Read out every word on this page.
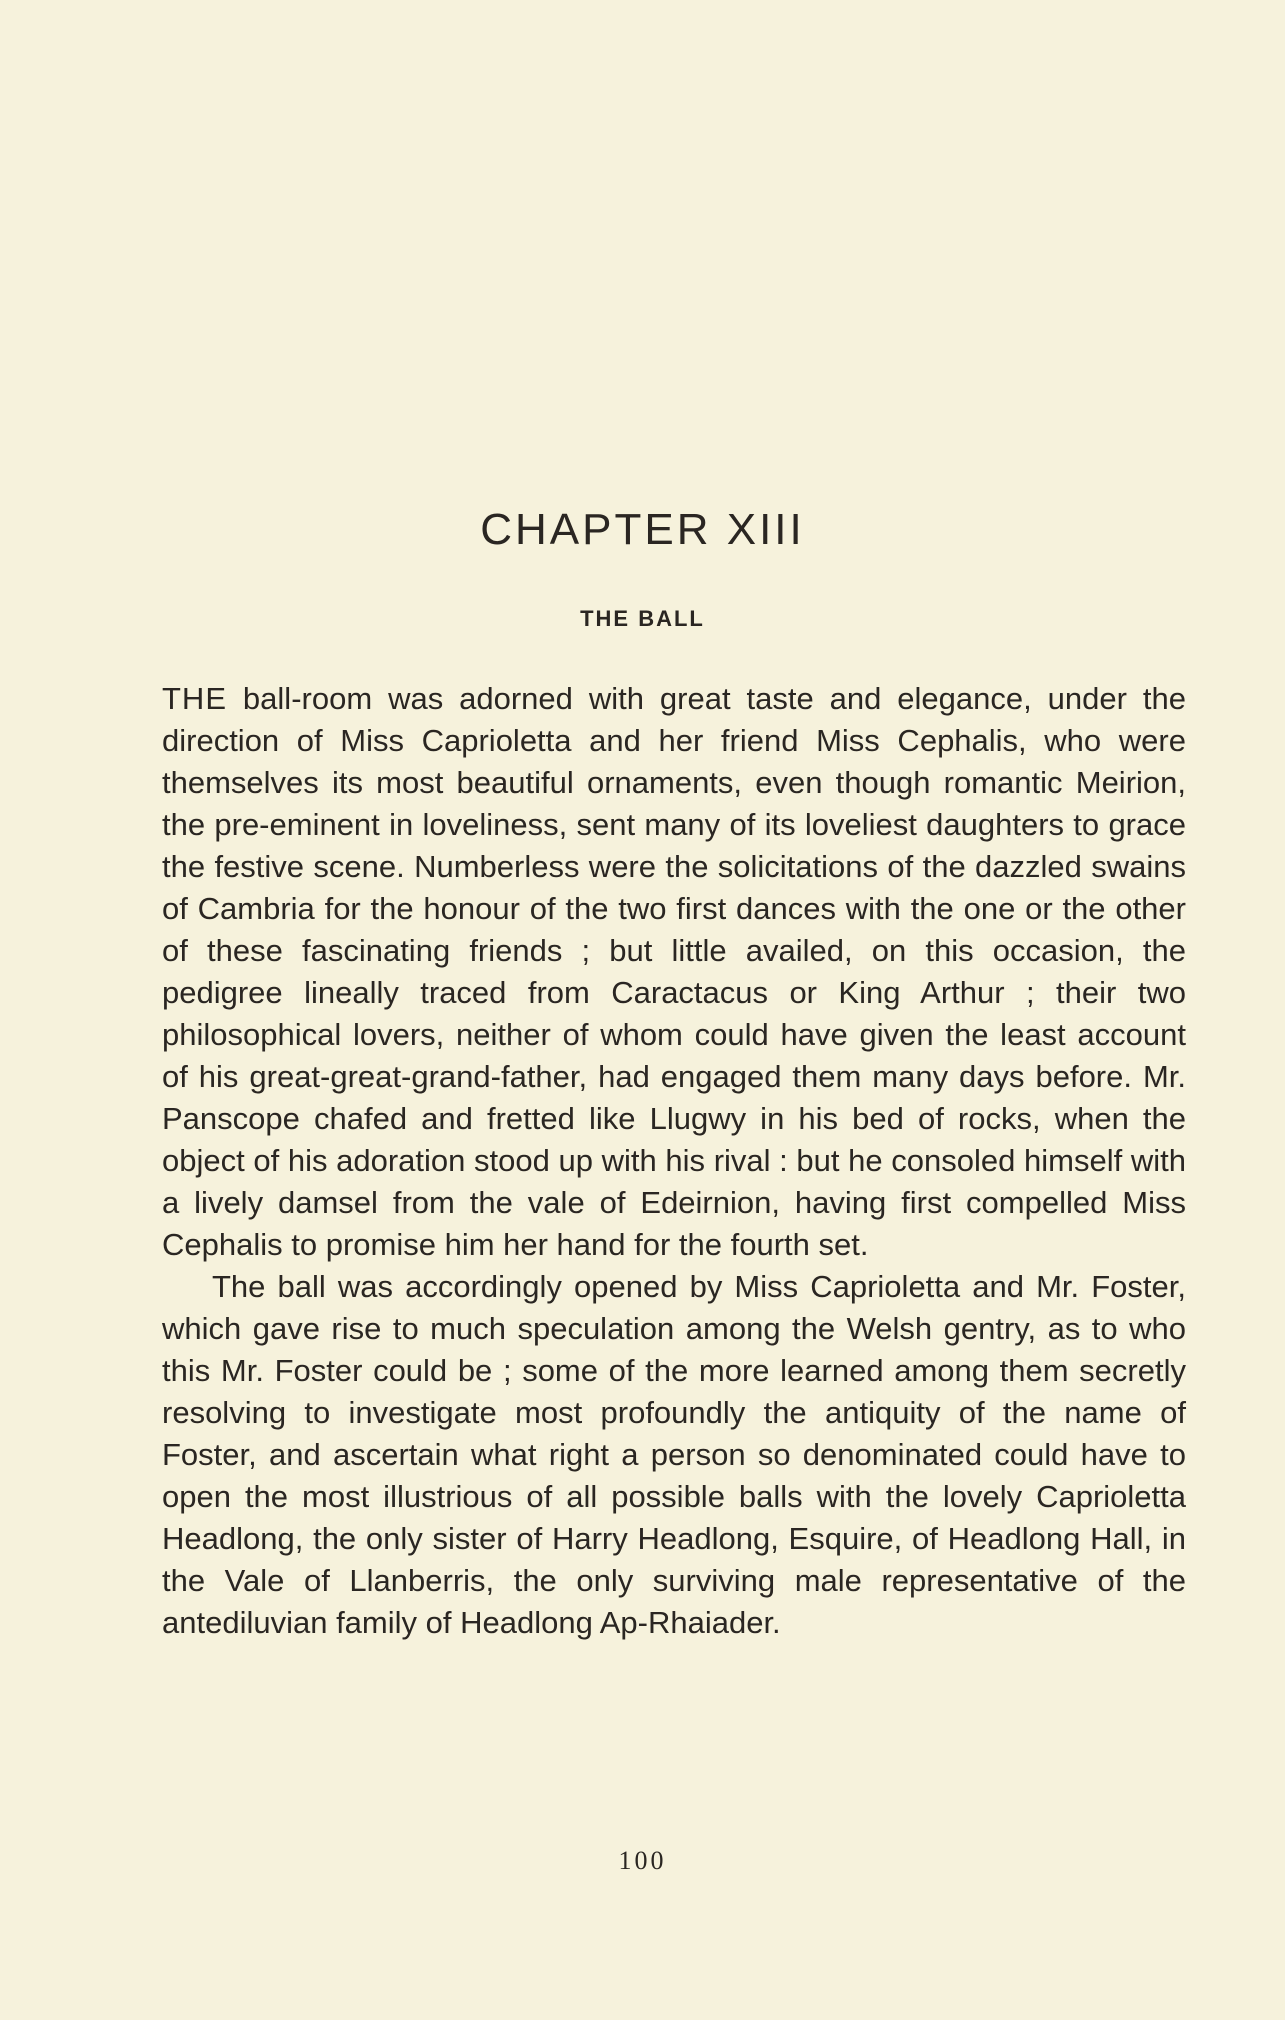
CHAPTER XIII
THE BALL

THE ball-room was adorned with great taste and elegance, under the direction of Miss Caprioletta and her friend Miss Cephalis, who were themselves its most beautiful ornaments, even though romantic Meirion, the pre-eminent in loveliness, sent many of its loveliest daughters to grace the festive scene. Numberless were the solicitations of the dazzled swains of Cambria for the honour of the two first dances with the one or the other of these fascinating friends ; but little availed, on this occasion, the pedigree lineally traced from Caractacus or King Arthur ; their two philosophical lovers, neither of whom could have given the least account of his great-great-grand-father, had engaged them many days before. Mr. Panscope chafed and fretted like Llugwy in his bed of rocks, when the object of his adoration stood up with his rival : but he consoled himself with a lively damsel from the vale of Edeirnion, having first compelled Miss Cephalis to promise him her hand for the fourth set.

The ball was accordingly opened by Miss Caprioletta and Mr. Foster, which gave rise to much speculation among the Welsh gentry, as to who this Mr. Foster could be ; some of the more learned among them secretly resolving to investigate most profoundly the antiquity of the name of Foster, and ascertain what right a person so denominated could have to open the most illustrious of all possible balls with the lovely Caprioletta Headlong, the only sister of Harry Headlong, Esquire, of Headlong Hall, in the Vale of Llanberris, the only surviving male representative of the antediluvian family of Headlong Ap-Rhaiader.

100
